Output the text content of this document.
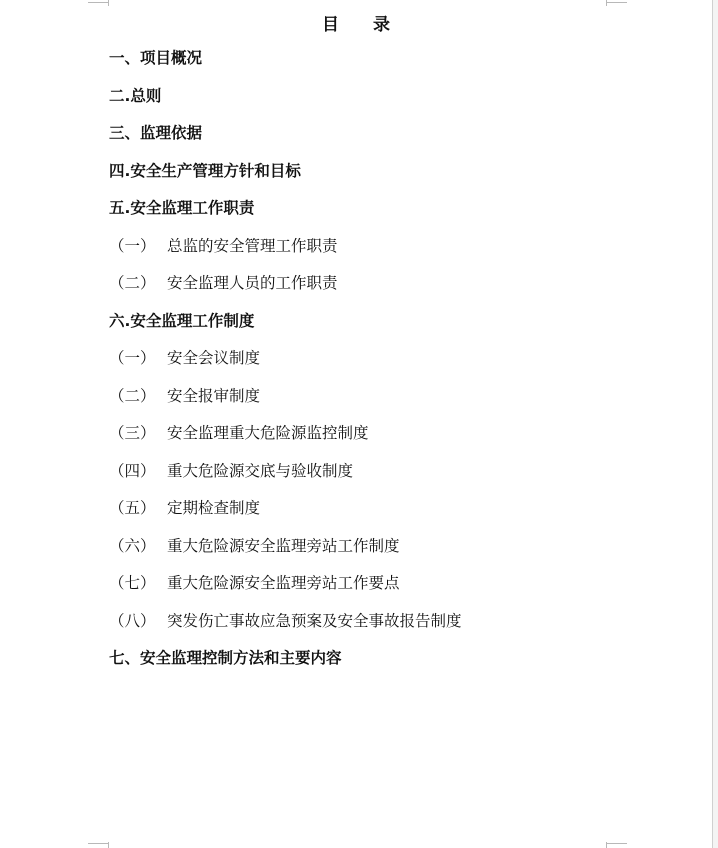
目 录
一、项目概况
二.总则
三、监理依据
四.安全生产管理方针和目标
五.安全监理工作职责
（一） 总监的安全管理工作职责
（二） 安全监理人员的工作职责
六.安全监理工作制度
（一） 安全会议制度
（二） 安全报审制度
（三） 安全监理重大危险源监控制度
（四） 重大危险源交底与验收制度
（五） 定期检查制度
（六） 重大危险源安全监理旁站工作制度
（七） 重大危险源安全监理旁站工作要点
（八） 突发伤亡事故应急预案及安全事故报告制度
七、安全监理控制方法和主要内容
